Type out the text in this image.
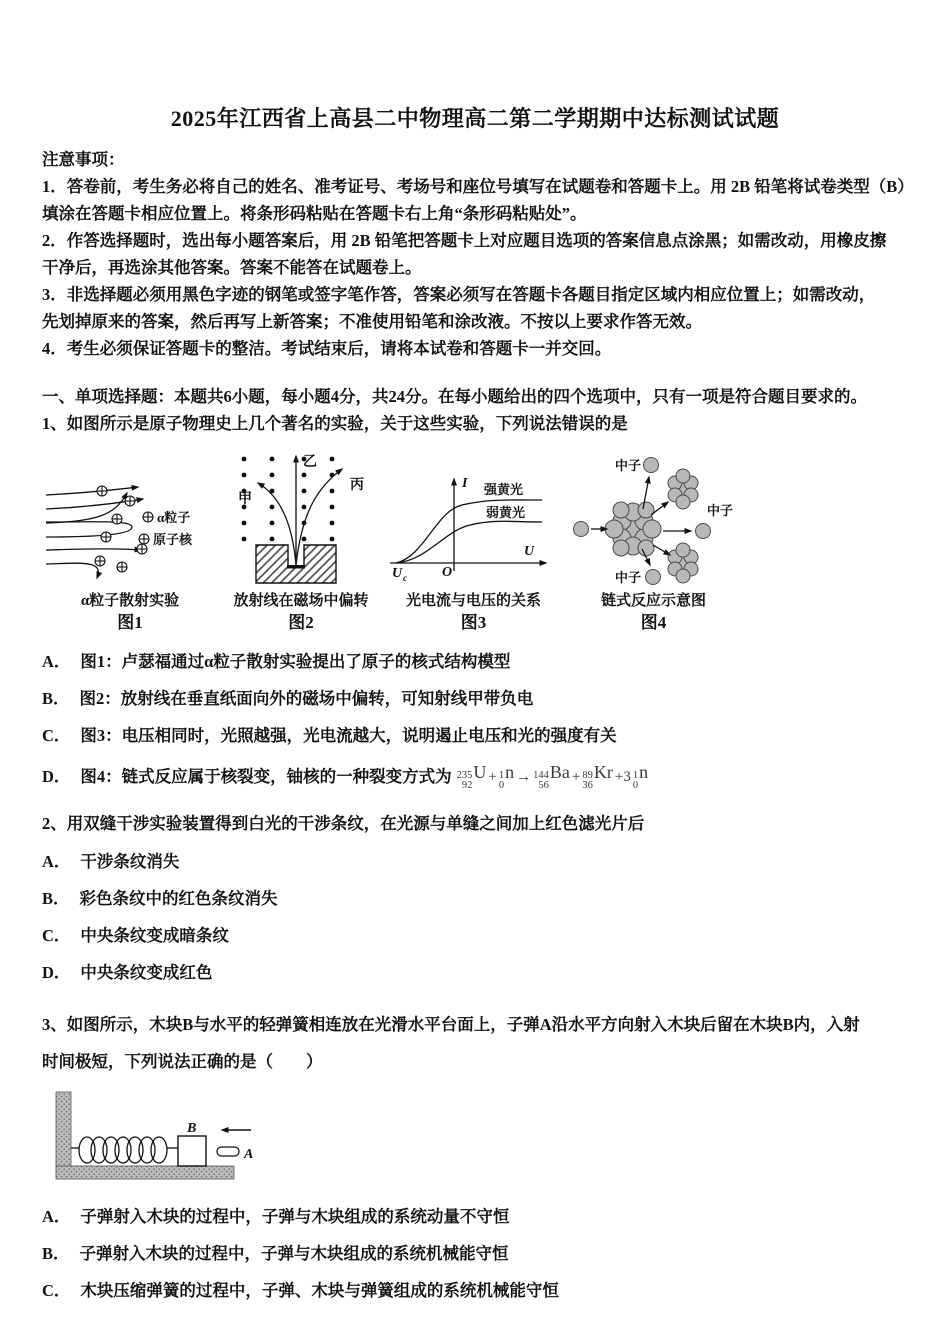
2025年江西省上高县二中物理高二第二学期期中达标测试试题
注意事项：
1．答卷前，考生务必将自己的姓名、准考证号、考场号和座位号填写在试题卷和答题卡上。用 2B 铅笔将试卷类型（B）
填涂在答题卡相应位置上。将条形码粘贴在答题卡右上角“条形码粘贴处”。
2．作答选择题时，选出每小题答案后，用 2B 铅笔把答题卡上对应题目选项的答案信息点涂黑；如需改动，用橡皮擦
干净后，再选涂其他答案。答案不能答在试题卷上。
3．非选择题必须用黑色字迹的钢笔或签字笔作答，答案必须写在答题卡各题目指定区域内相应位置上；如需改动，
先划掉原来的答案，然后再写上新答案；不准使用铅笔和涂改液。不按以上要求作答无效。
4．考生必须保证答题卡的整洁。考试结束后，请将本试卷和答题卡一并交回。
一、单项选择题：本题共6小题，每小题4分，共24分。在每小题给出的四个选项中，只有一项是符合题目要求的。
1、如图所示是原子物理史上几个著名的实验，关于这些实验，下列说法错误的是
α粒子
原子核
α粒子散射实验
图1
甲
乙
丙
放射线在磁场中偏转
图2
I
U
U c	O
强黄光
弱黄光
光电流与电压的关系
图3
中子
中子
中子
链式反应示意图
图4
A． 图1：卢瑟福通过α粒子散射实验提出了原子的核式结构模型
B． 图2：放射线在垂直纸面向外的磁场中偏转，可知射线甲带负电
C． 图3：电压相同时，光照越强，光电流越大，说明遏止电压和光的强度有关
D． 图4：链式反应属于核裂变，铀核的一种裂变方式为 235
92
U + 1
0
n → 144
56
Ba + 89
36
Kr +3 1
0
n
2、用双缝干涉实验装置得到白光的干涉条纹，在光源与单缝之间加上红色滤光片后
A． 干涉条纹消失
B． 彩色条纹中的红色条纹消失
C． 中央条纹变成暗条纹
D． 中央条纹变成红色
3、如图所示，木块B与水平的轻弹簧相连放在光滑水平台面上，子弹A沿水平方向射入木块后留在木块B内，入射
时间极短，下列说法正确的是（　　）
B
A
A． 子弹射入木块的过程中，子弹与木块组成的系统动量不守恒
B． 子弹射入木块的过程中，子弹与木块组成的系统机械能守恒
C． 木块压缩弹簧的过程中，子弹、木块与弹簧组成的系统机械能守恒
